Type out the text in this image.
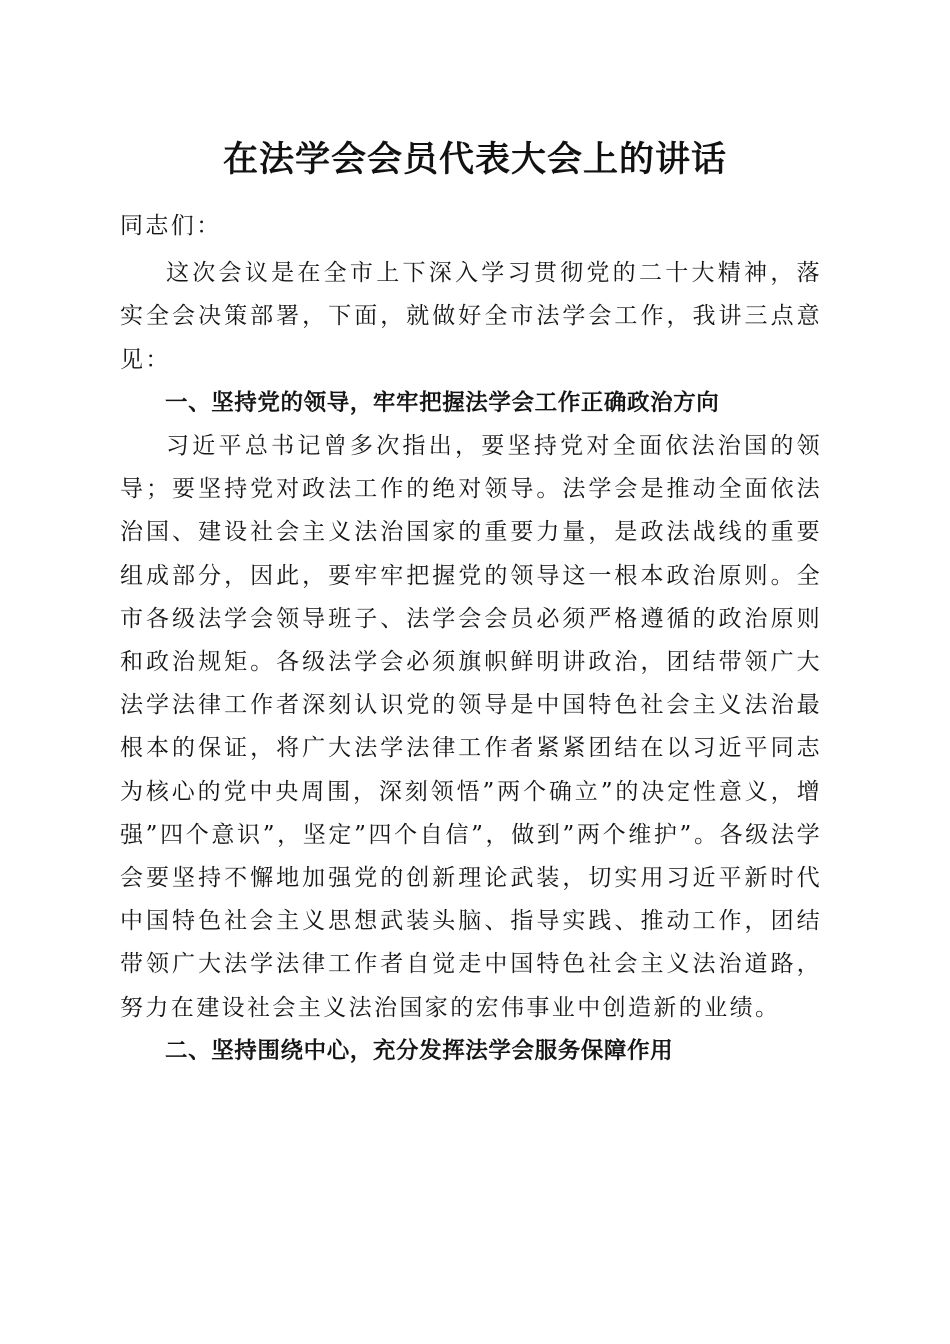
在法学会会员代表大会上的讲话

同志们：

这次会议是在全市上下深入学习贯彻党的二十大精神，落实全会决策部署，下面，就做好全市法学会工作，我讲三点意见：

一、坚持党的领导，牢牢把握法学会工作正确政治方向

习近平总书记曾多次指出，要坚持党对全面依法治国的领导；要坚持党对政法工作的绝对领导。法学会是推动全面依法治国、建设社会主义法治国家的重要力量，是政法战线的重要组成部分，因此，要牢牢把握党的领导这一根本政治原则。全市各级法学会领导班子、法学会会员必须严格遵循的政治原则和政治规矩。各级法学会必须旗帜鲜明讲政治，团结带领广大法学法律工作者深刻认识党的领导是中国特色社会主义法治最根本的保证，将广大法学法律工作者紧紧团结在以习近平同志为核心的党中央周围，深刻领悟”两个确立”的决定性意义，增强”四个意识”，坚定”四个自信”，做到”两个维护”。各级法学会要坚持不懈地加强党的创新理论武装，切实用习近平新时代中国特色社会主义思想武装头脑、指导实践、推动工作，团结带领广大法学法律工作者自觉走中国特色社会主义法治道路，努力在建设社会主义法治国家的宏伟事业中创造新的业绩。

二、坚持围绕中心，充分发挥法学会服务保障作用
